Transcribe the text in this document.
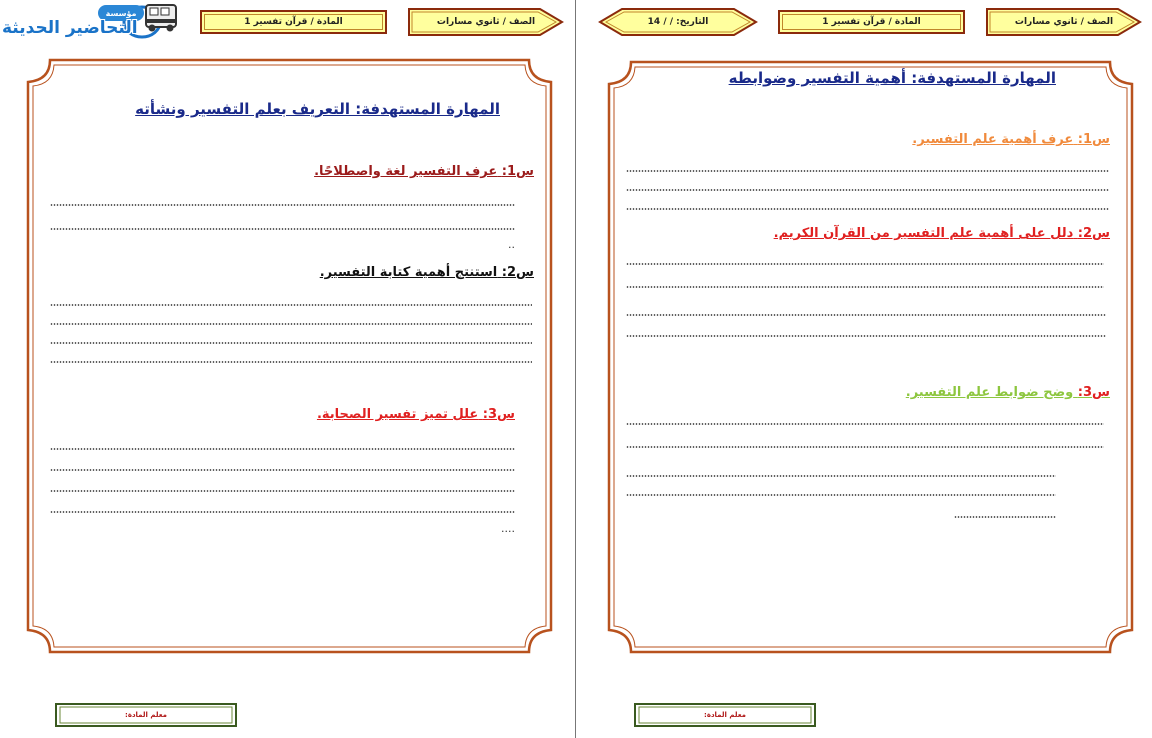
مؤسسة
التحاضير الحديثة	المادة / قرآن تفسير 1	الصف / ثانوي مسارات
المهارة المستهدفة: التعريف بعلم التفسير ونشأته
س1: عرف التفسير لغة واصطلاحًا.
..
س2: استنتج أهمية كتابة التفسير.
س3: علل تميز تفسير الصحابة.
....
معلم المادة:
التاريخ: / / 14	المادة / قرآن تفسير 1	الصف / ثانوي مسارات
المهارة المستهدفة: أهمية التفسير وضوابطه
س1: عرف أهمية علم التفسير.
س2: دلل على أهمية علم التفسير من القرآن الكريم.
س3: وضح ضوابط علم التفسير.
معلم المادة:
